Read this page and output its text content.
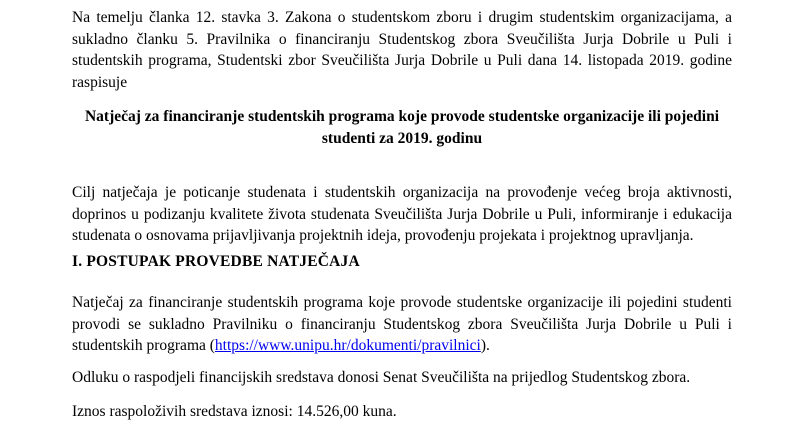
Na temelju članka 12. stavka 3. Zakona o studentskom zboru i drugim studentskim organizacijama, a sukladno članku 5. Pravilnika o financiranju Studentskog zbora Sveučilišta Jurja Dobrile u Puli i studentskih programa, Studentski zbor Sveučilišta Jurja Dobrile u Puli dana 14. listopada 2019. godine raspisuje

Natječaj za financiranje studentskih programa koje provode studentske organizacije ili pojedini studenti za 2019. godinu

Cilj natječaja je poticanje studenata i studentskih organizacija na provođenje većeg broja aktivnosti, doprinos u podizanju kvalitete života studenata Sveučilišta Jurja Dobrile u Puli, informiranje i edukacija studenata o osnovama prijavljivanja projektnih ideja, provođenju projekata i projektnog upravljanja.

I. POSTUPAK PROVEDBE NATJEČAJA

Natječaj za financiranje studentskih programa koje provode studentske organizacije ili pojedini studenti provodi se sukladno Pravilniku o financiranju Studentskog zbora Sveučilišta Jurja Dobrile u Puli i studentskih programa (https://www.unipu.hr/dokumenti/pravilnici).

Odluku o raspodjeli financijskih sredstava donosi Senat Sveučilišta na prijedlog Studentskog zbora.

Iznos raspoloživih sredstava iznosi: 14.526,00 kuna.
